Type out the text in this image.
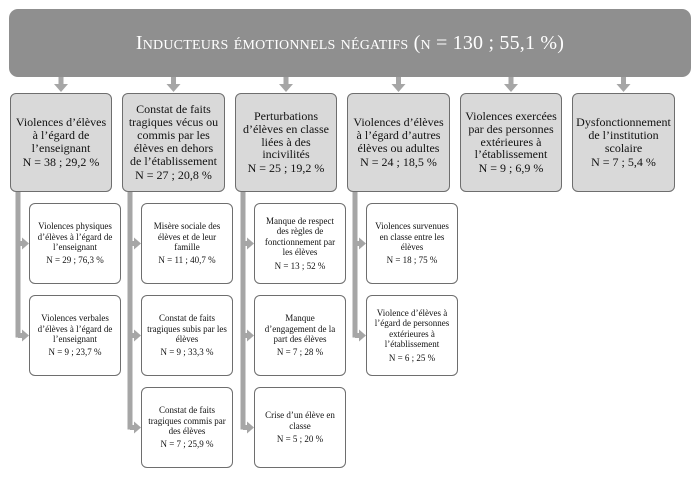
Inducteurs émotionnels négatifs (n = 130 ; 55,1 %)
Violences d’élèves à l’égard de l’enseignant
N = 38 ; 29,2 %
Constat de faits tragiques vécus ou commis par les élèves en dehors de l’établissement
N = 27 ; 20,8 %
Perturbations d’élèves en classe liées à des incivilités
N = 25 ; 19,2 %
Violences d’élèves à l’égard d’autres élèves ou adultes
N = 24 ; 18,5 %
Violences exercées par des personnes extérieures à l’établissement
N = 9 ; 6,9 %
Dysfonctionnement de l’institution scolaire
N = 7 ; 5,4 %
Violences physiques d’élèves à l’égard de l’enseignant
N = 29 ; 76,3 %
Violences verbales d’élèves à l’égard de l’enseignant
N = 9 ; 23,7 %
Misère sociale des élèves et de leur famille
N = 11 ; 40,7 %
Constat de faits tragiques subis par les élèves
N = 9 ; 33,3 %
Constat de faits tragiques commis par des élèves
N = 7 ; 25,9 %
Manque de respect des règles de fonctionnement par les élèves
N = 13 ; 52 %
Manque d’engagement de la part des élèves
N = 7 ; 28 %
Crise d’un élève en classe
N = 5 ; 20 %
Violences survenues en classe entre les élèves
N = 18 ; 75 %
Violence d’élèves à l’égard de personnes extérieures à l’établissement
N = 6 ; 25 %
